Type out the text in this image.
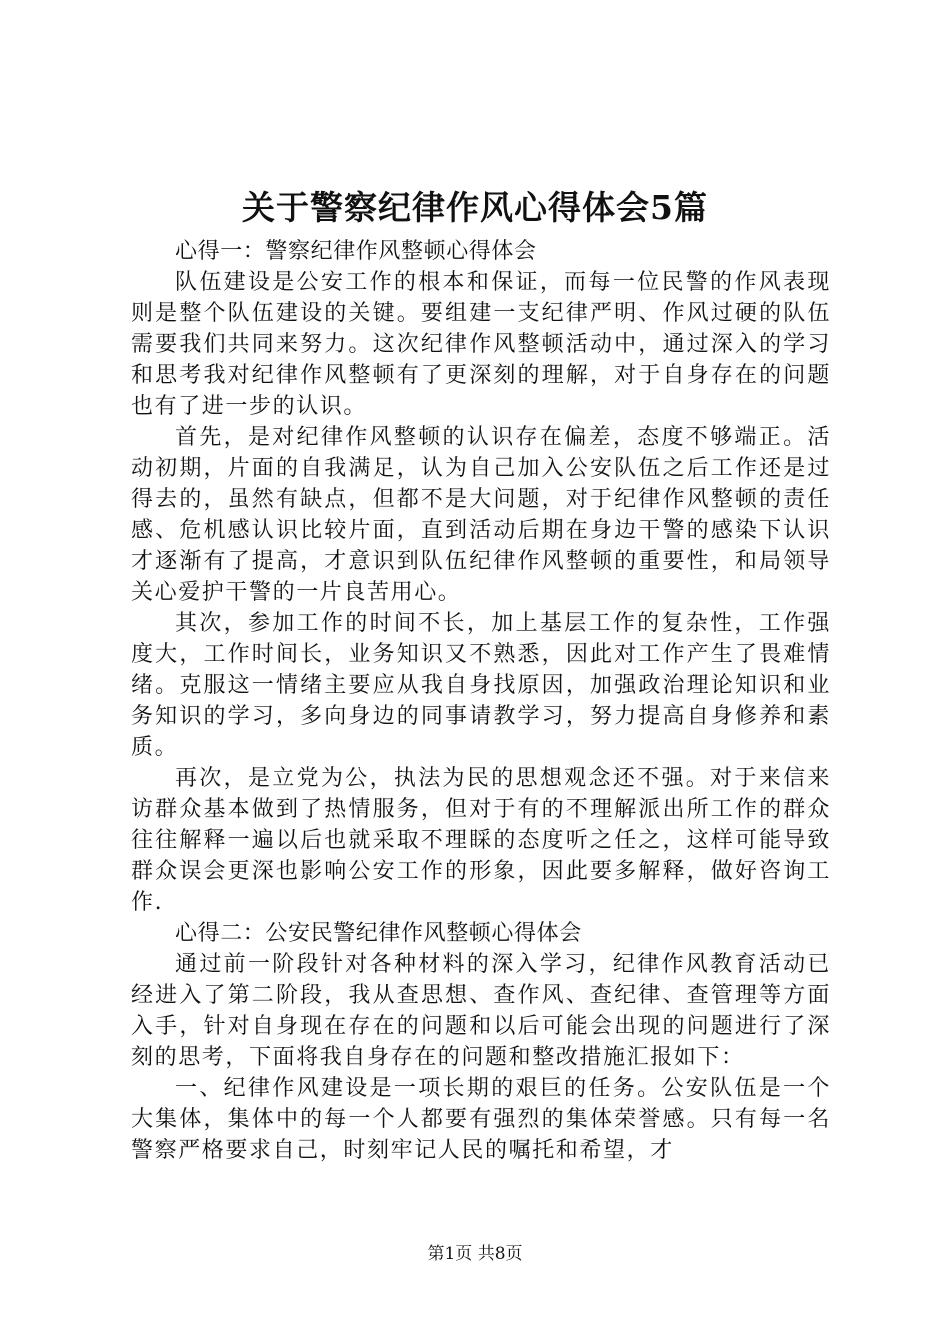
关于警察纪律作风心得体会5篇

心得一：警察纪律作风整顿心得体会

队伍建设是公安工作的根本和保证，而每一位民警的作风表现则是整个队伍建设的关键。要组建一支纪律严明、作风过硬的队伍需要我们共同来努力。这次纪律作风整顿活动中，通过深入的学习和思考我对纪律作风整顿有了更深刻的理解，对于自身存在的问题也有了进一步的认识。

首先，是对纪律作风整顿的认识存在偏差，态度不够端正。活动初期，片面的自我满足，认为自己加入公安队伍之后工作还是过得去的，虽然有缺点，但都不是大问题，对于纪律作风整顿的责任感、危机感认识比较片面，直到活动后期在身边干警的感染下认识才逐渐有了提高，才意识到队伍纪律作风整顿的重要性，和局领导关心爱护干警的一片良苦用心。

其次，参加工作的时间不长，加上基层工作的复杂性，工作强度大，工作时间长，业务知识又不熟悉，因此对工作产生了畏难情绪。克服这一情绪主要应从我自身找原因，加强政治理论知识和业务知识的学习，多向身边的同事请教学习，努力提高自身修养和素质。

再次，是立党为公，执法为民的思想观念还不强。对于来信来访群众基本做到了热情服务，但对于有的不理解派出所工作的群众往往解释一遍以后也就采取不理睬的态度听之任之，这样可能导致群众误会更深也影响公安工作的形象，因此要多解释，做好咨询工作.

心得二：公安民警纪律作风整顿心得体会

通过前一阶段针对各种材料的深入学习，纪律作风教育活动已经进入了第二阶段，我从查思想、查作风、查纪律、查管理等方面入手，针对自身现在存在的问题和以后可能会出现的问题进行了深刻的思考，下面将我自身存在的问题和整改措施汇报如下：

一、纪律作风建设是一项长期的艰巨的任务。公安队伍是一个大集体，集体中的每一个人都要有强烈的集体荣誉感。只有每一名警察严格要求自己，时刻牢记人民的嘱托和希望，才

第1页 共8页
